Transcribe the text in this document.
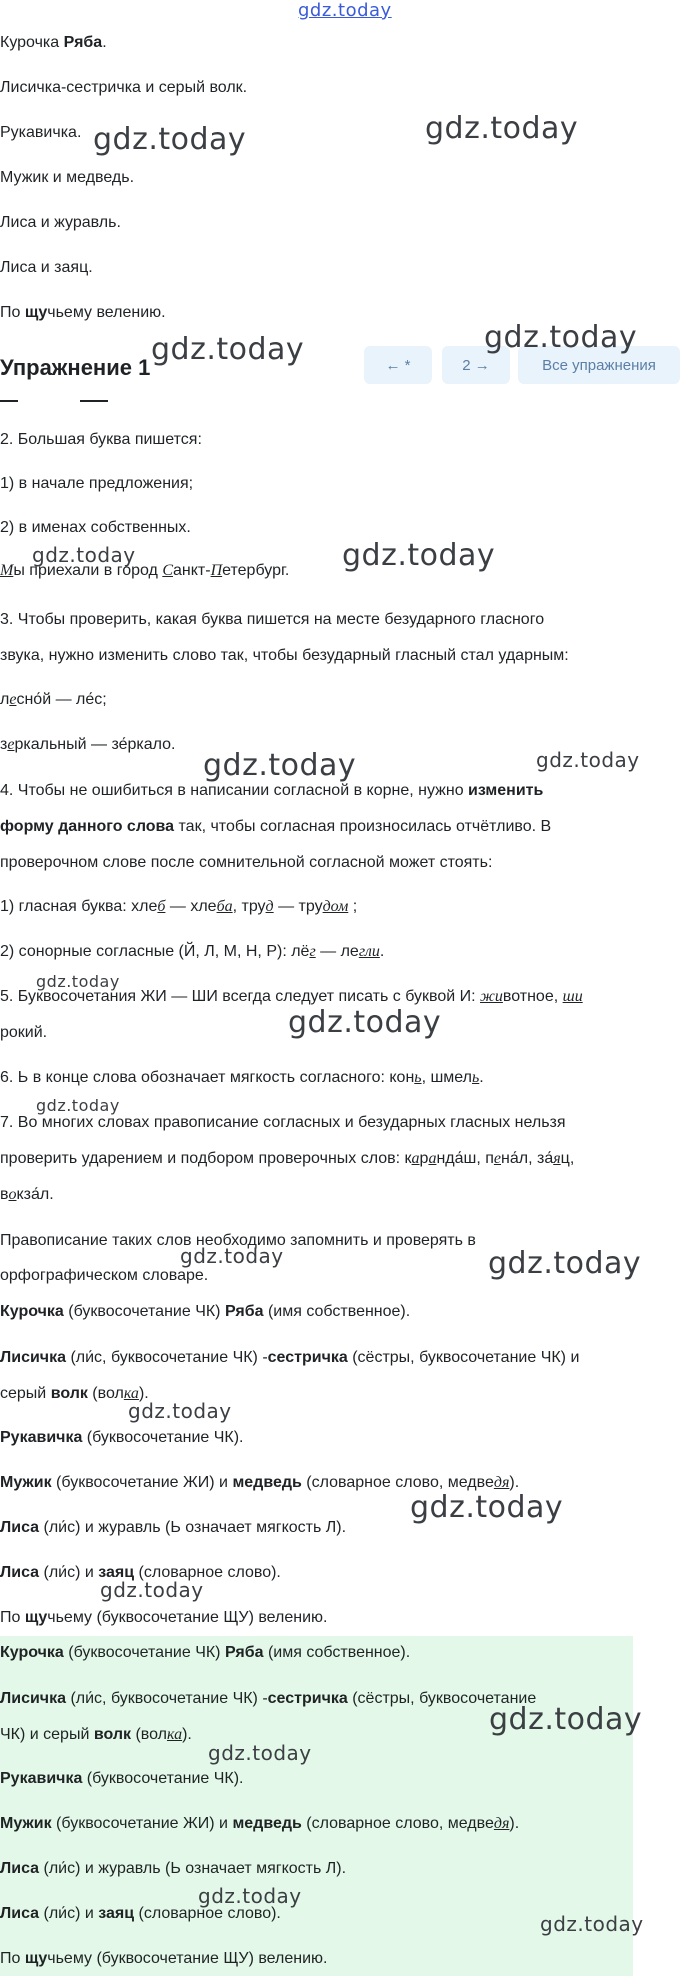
gdz.today
Курочка Ряба.
Лисичка-сестричка и серый волк.
Рукавичка.
Мужик и медведь.
Лиса и журавль.
Лиса и заяц.
По щучьему велению.
Упражнение 1	← *	2 →	Все упражнения
2. Большая буква пишется:
1) в начале предложения;
2) в именах собственных.
Мы приехали в город Санкт-Петербург.
3. Чтобы проверить, какая буква пишется на месте безударного гласного
звука, нужно изменить слово так, чтобы безударный гласный стал ударным:
лесно́й — ле́с;
зеркальный — зе́ркало.
4. Чтобы не ошибиться в написании согласной в корне, нужно изменить
форму данного слова так, чтобы согласная произносилась отчётливо. В
проверочном слове после сомнительной согласной может стоять:
1) гласная буква: хлеб — хлеба, труд — трудом ;
2) сонорные согласные (Й, Л, М, Н, Р): лёг — легли.
5. Буквосочетания ЖИ — ШИ всегда следует писать с буквой И: животное, ши
рокий.
6. Ь в конце слова обозначает мягкость согласного: конь, шмель.
7. Во многих словах правописание согласных и безударных гласных нельзя
проверить ударением и подбором проверочных слов: каранда́ш, пена́л, за́яц,
вокза́л.
Правописание таких слов необходимо запомнить и проверять в
орфографическом словаре.
Курочка (буквосочетание ЧК) Ряба (имя собственное).
Лисичка (ли́с, буквосочетание ЧК) -сестричка (сёстры, буквосочетание ЧК) и
серый волк (волка).
Рукавичка (буквосочетание ЧК).
Мужик (буквосочетание ЖИ) и медведь (словарное слово, медведя).
Лиса (ли́с) и журавль (Ь означает мягкость Л).
Лиса (ли́с) и заяц (словарное слово).
По щучьему (буквосочетание ЩУ) велению.
Курочка (буквосочетание ЧК) Ряба (имя собственное).
Лисичка (ли́с, буквосочетание ЧК) -сестричка (сёстры, буквосочетание
ЧК) и серый волк (волка).
Рукавичка (буквосочетание ЧК).
Мужик (буквосочетание ЖИ) и медведь (словарное слово, медведя).
Лиса (ли́с) и журавль (Ь означает мягкость Л).
Лиса (ли́с) и заяц (словарное слово).
По щучьему (буквосочетание ЩУ) велению.
gdz.today	gdz.today
gdz.today	gdz.today
gdz.today	gdz.today
gdz.today	gdz.today
gdz.today
gdz.today
gdz.today
gdz.today	gdz.today
gdz.today
gdz.today
gdz.today
gdz.today
gdz.today
gdz.today
gdz.today
